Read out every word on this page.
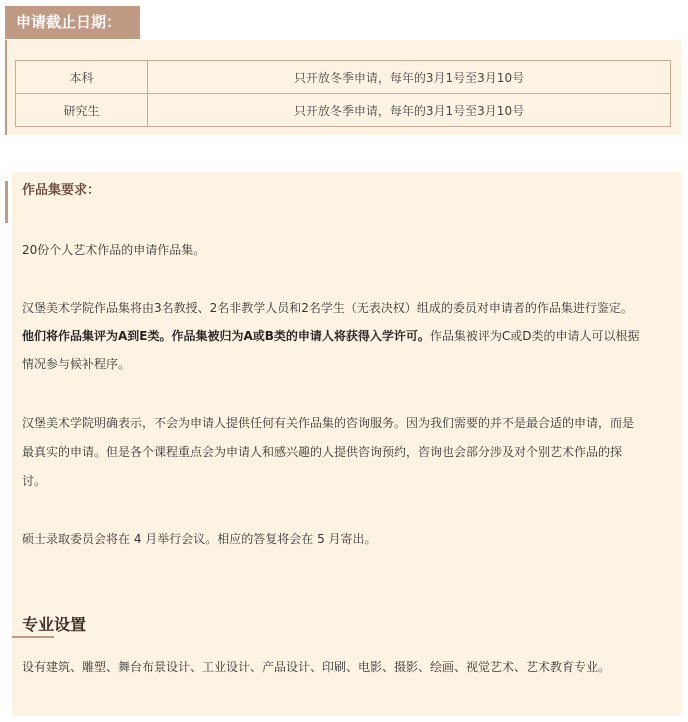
申请截止日期：
本科	只开放冬季申请，每年的3月1号至3月10号
研究生	只开放冬季申请，每年的3月1号至3月10号
作品集要求：
20份个人艺术作品的申请作品集。
汉堡美术学院作品集将由3名教授、2名非教学人员和2名学生（无表决权）组成的委员对申请者的作品集进行鉴定。
他们将作品集评为A到E类。作品集被归为A或B类的申请人将获得入学许可。作品集被评为C或D类的申请人可以根据
情况参与候补程序。
汉堡美术学院明确表示，不会为申请人提供任何有关作品集的咨询服务。因为我们需要的并不是最合适的申请，而是
最真实的申请。但是各个课程重点会为申请人和感兴趣的人提供咨询预约，咨询也会部分涉及对个别艺术作品的探
讨。
硕士录取委员会将在 4 月举行会议。相应的答复将会在 5 月寄出。
专业设置
设有建筑、雕塑、舞台布景设计、工业设计、产品设计、印刷、电影、摄影、绘画、视觉艺术、艺术教育专业。
